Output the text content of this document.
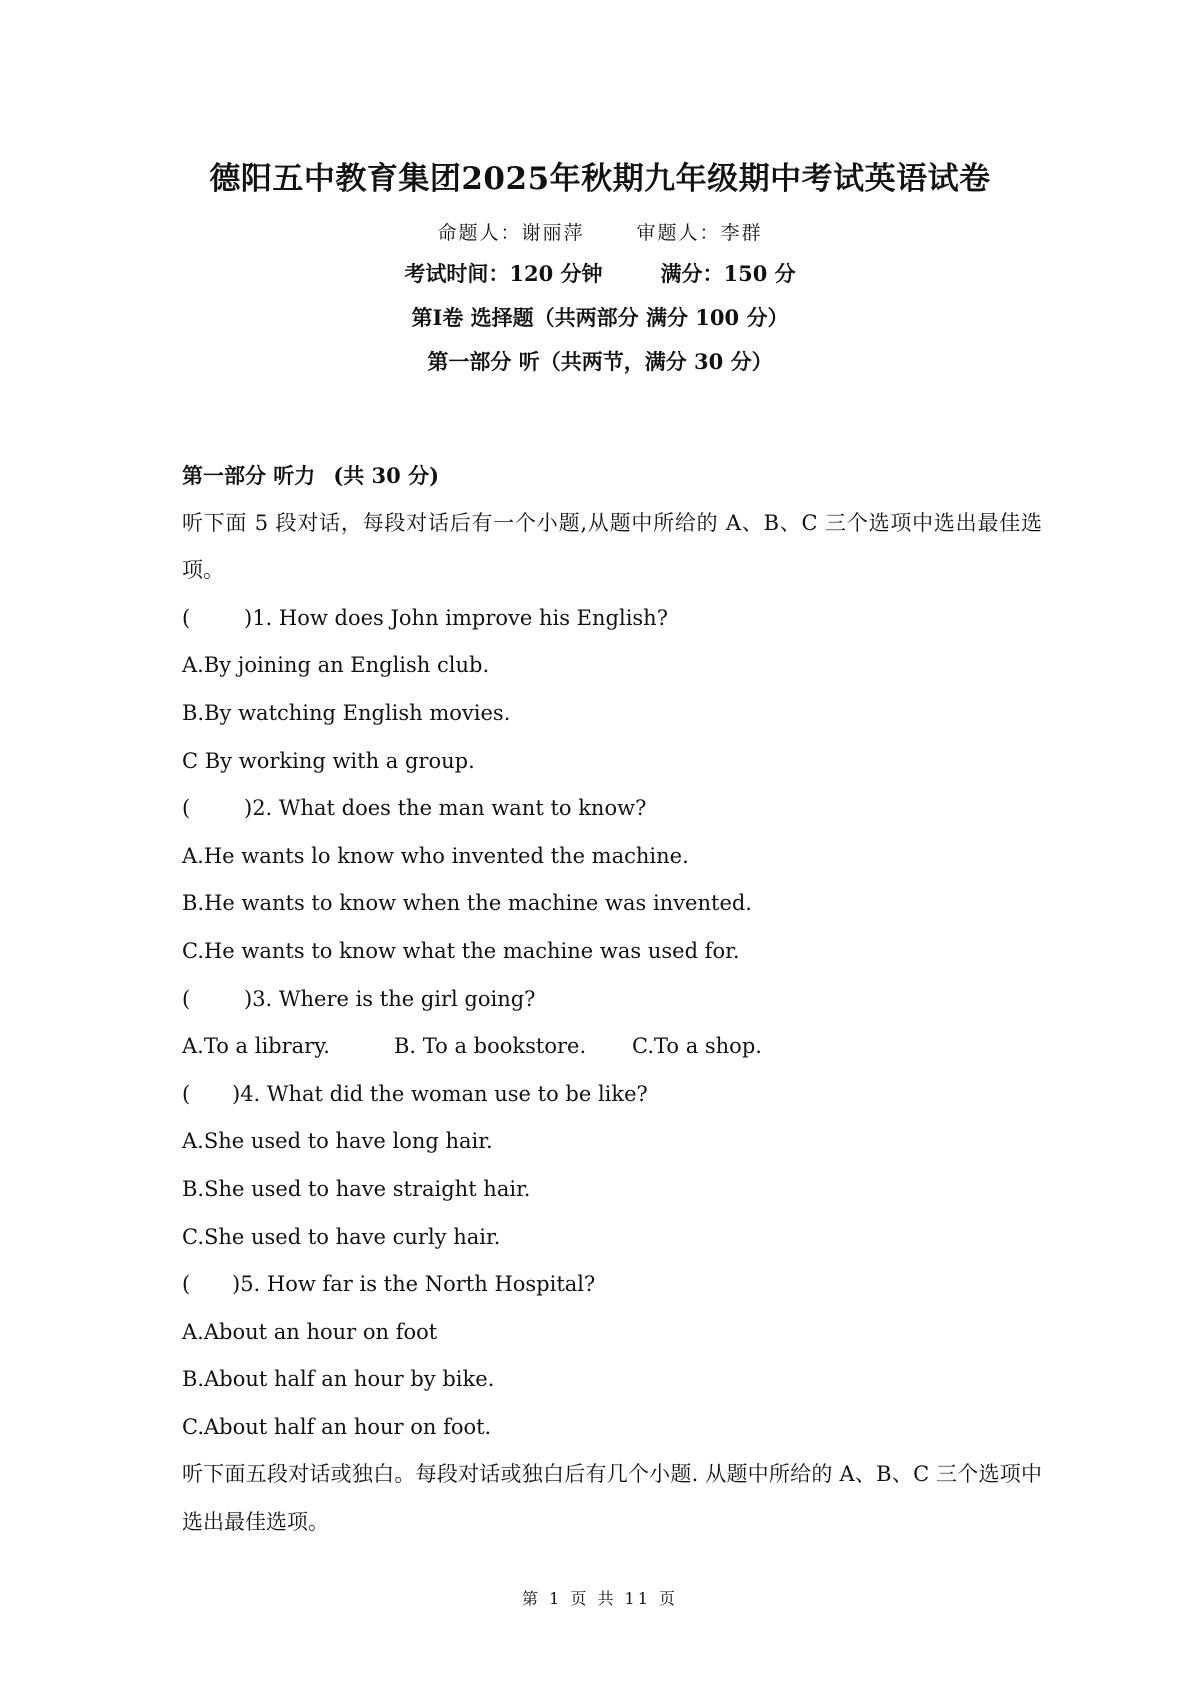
德阳五中教育集团2025年秋期九年级期中考试英语试卷
命题人：谢丽萍	审题人：李群
考试时间：120 分钟	满分：150 分
第Ⅰ卷 选择题（共两部分 满分 100 分）
第一部分 听（共两节，满分 30 分）
第一部分 听力 (共 30 分)
听下面 5 段对话，每段对话后有一个小题,从题中所给的 A、B、C 三个选项中选出最佳选项。
(	)1. How does John improve his English?
A.By joining an English club.
B.By watching English movies.
C By working with a group.
(	)2. What does the man want to know?
A.He wants lo know who invented the machine.
B.He wants to know when the machine was invented.
C.He wants to know what the machine was used for.
(	)3. Where is the girl going?
A.To a library.	B. To a bookstore. C.To a shop.
( )4. What did the woman use to be like?
A.She used to have long hair.
B.She used to have straight hair.
C.She used to have curly hair.
( )5. How far is the North Hospital?
A.About an hour on foot
B.About half an hour by bike.
C.About half an hour on foot.
听下面五段对话或独白。每段对话或独白后有几个小题. 从题中所给的 A、B、C 三个选项中选出最佳选项。
第 1 页 共 11 页
